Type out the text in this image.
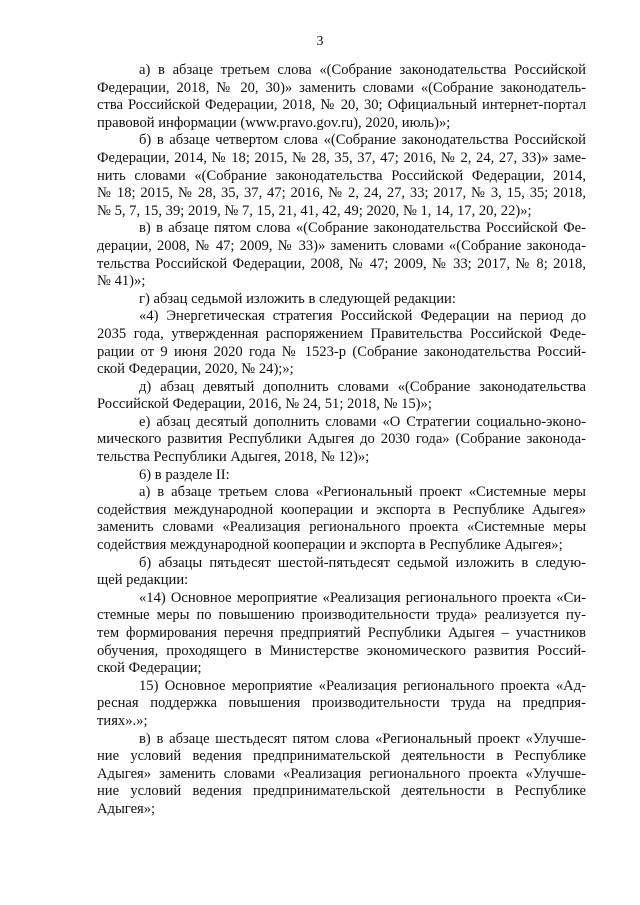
3
а) в абзаце третьем слова «(Собрание законодательства Российской
Федерации, 2018, № 20, 30)» заменить словами «(Собрание законодатель-
ства Российской Федерации, 2018, № 20, 30; Официальный интернет-портал
правовой информации (www.pravo.gov.ru), 2020, июль)»;
б) в абзаце четвертом слова «(Собрание законодательства Российской
Федерации, 2014, № 18; 2015, № 28, 35, 37, 47; 2016, № 2, 24, 27, 33)» заме-
нить словами «(Собрание законодательства Российской Федерации, 2014,
№ 18; 2015, № 28, 35, 37, 47; 2016, № 2, 24, 27, 33; 2017, № 3, 15, 35; 2018,
№ 5, 7, 15, 39; 2019, № 7, 15, 21, 41, 42, 49; 2020, № 1, 14, 17, 20, 22)»;
в) в абзаце пятом слова «(Собрание законодательства Российской Фе-
дерации, 2008, № 47; 2009, № 33)» заменить словами «(Собрание законода-
тельства Российской Федерации, 2008, № 47; 2009, № 33; 2017, № 8; 2018,
№ 41)»;
г) абзац седьмой изложить в следующей редакции:
«4) Энергетическая стратегия Российской Федерации на период до
2035 года, утвержденная распоряжением Правительства Российской Феде-
рации от 9 июня 2020 года № 1523-р (Собрание законодательства Россий-
ской Федерации, 2020, № 24);»;
д) абзац девятый дополнить словами «(Собрание законодательства
Российской Федерации, 2016, № 24, 51; 2018, № 15)»;
е) абзац десятый дополнить словами «О Стратегии социально-эконо-
мического развития Республики Адыгея до 2030 года» (Собрание законода-
тельства Республики Адыгея, 2018, № 12)»;
6) в разделе II:
а) в абзаце третьем слова «Региональный проект «Системные меры
содействия международной кооперации и экспорта в Республике Адыгея»
заменить словами «Реализация регионального проекта «Системные меры
содействия международной кооперации и экспорта в Республике Адыгея»;
б) абзацы пятьдесят шестой-пятьдесят седьмой изложить в следую-
щей редакции:
«14) Основное мероприятие «Реализация регионального проекта «Си-
стемные меры по повышению производительности труда» реализуется пу-
тем формирования перечня предприятий Республики Адыгея – участников
обучения, проходящего в Министерстве экономического развития Россий-
ской Федерации;
15) Основное мероприятие «Реализация регионального проекта «Ад-
ресная поддержка повышения производительности труда на предприя-
тиях».»;
в) в абзаце шестьдесят пятом слова «Региональный проект «Улучше-
ние условий ведения предпринимательской деятельности в Республике
Адыгея» заменить словами «Реализация регионального проекта «Улучше-
ние условий ведения предпринимательской деятельности в Республике
Адыгея»;
